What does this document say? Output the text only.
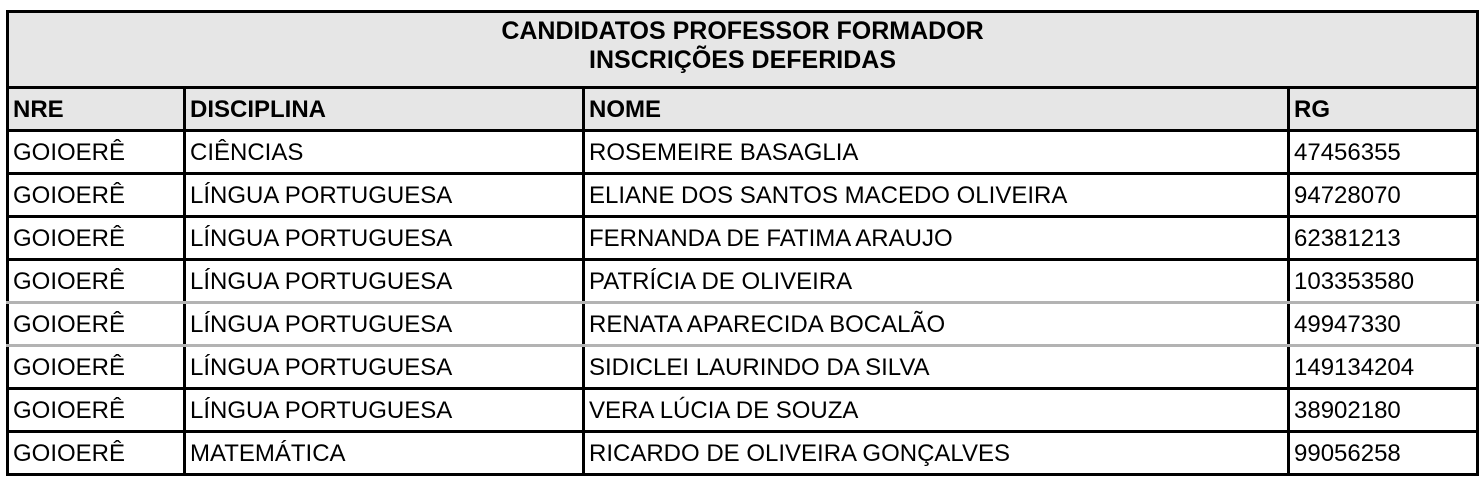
CANDIDATOS PROFESSOR FORMADOR
INSCRIÇÕES DEFERIDAS			

NRE	DISCIPLINA	NOME	RG
GOIOERÊ	CIÊNCIAS	ROSEMEIRE BASAGLIA	47456355
GOIOERÊ	LÍNGUA PORTUGUESA	ELIANE DOS SANTOS MACEDO OLIVEIRA	94728070
GOIOERÊ	LÍNGUA PORTUGUESA	FERNANDA DE FATIMA ARAUJO	62381213
GOIOERÊ	LÍNGUA PORTUGUESA	PATRÍCIA DE OLIVEIRA	103353580
GOIOERÊ	LÍNGUA PORTUGUESA	RENATA APARECIDA BOCALÃO	49947330
GOIOERÊ	LÍNGUA PORTUGUESA	SIDICLEI LAURINDO DA SILVA	149134204
GOIOERÊ	LÍNGUA PORTUGUESA	VERA LÚCIA DE SOUZA	38902180
GOIOERÊ	MATEMÁTICA	RICARDO DE OLIVEIRA GONÇALVES	99056258
